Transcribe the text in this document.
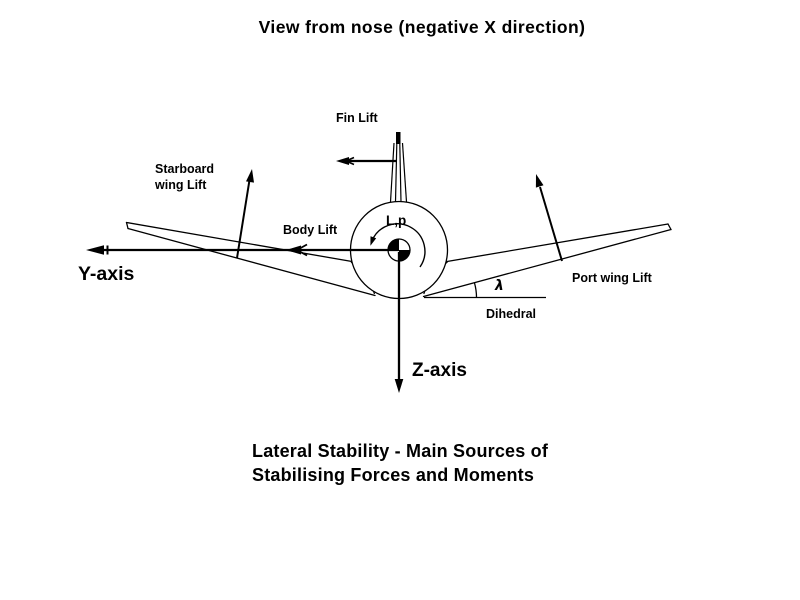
View from nose (negative X direction)
Fin Lift
Starboard
wing Lift
Body Lift
L,p
Y-axis	Port wing Lift
λ
Dihedral
Z-axis
Lateral Stability - Main Sources of
Stabilising Forces and Moments
